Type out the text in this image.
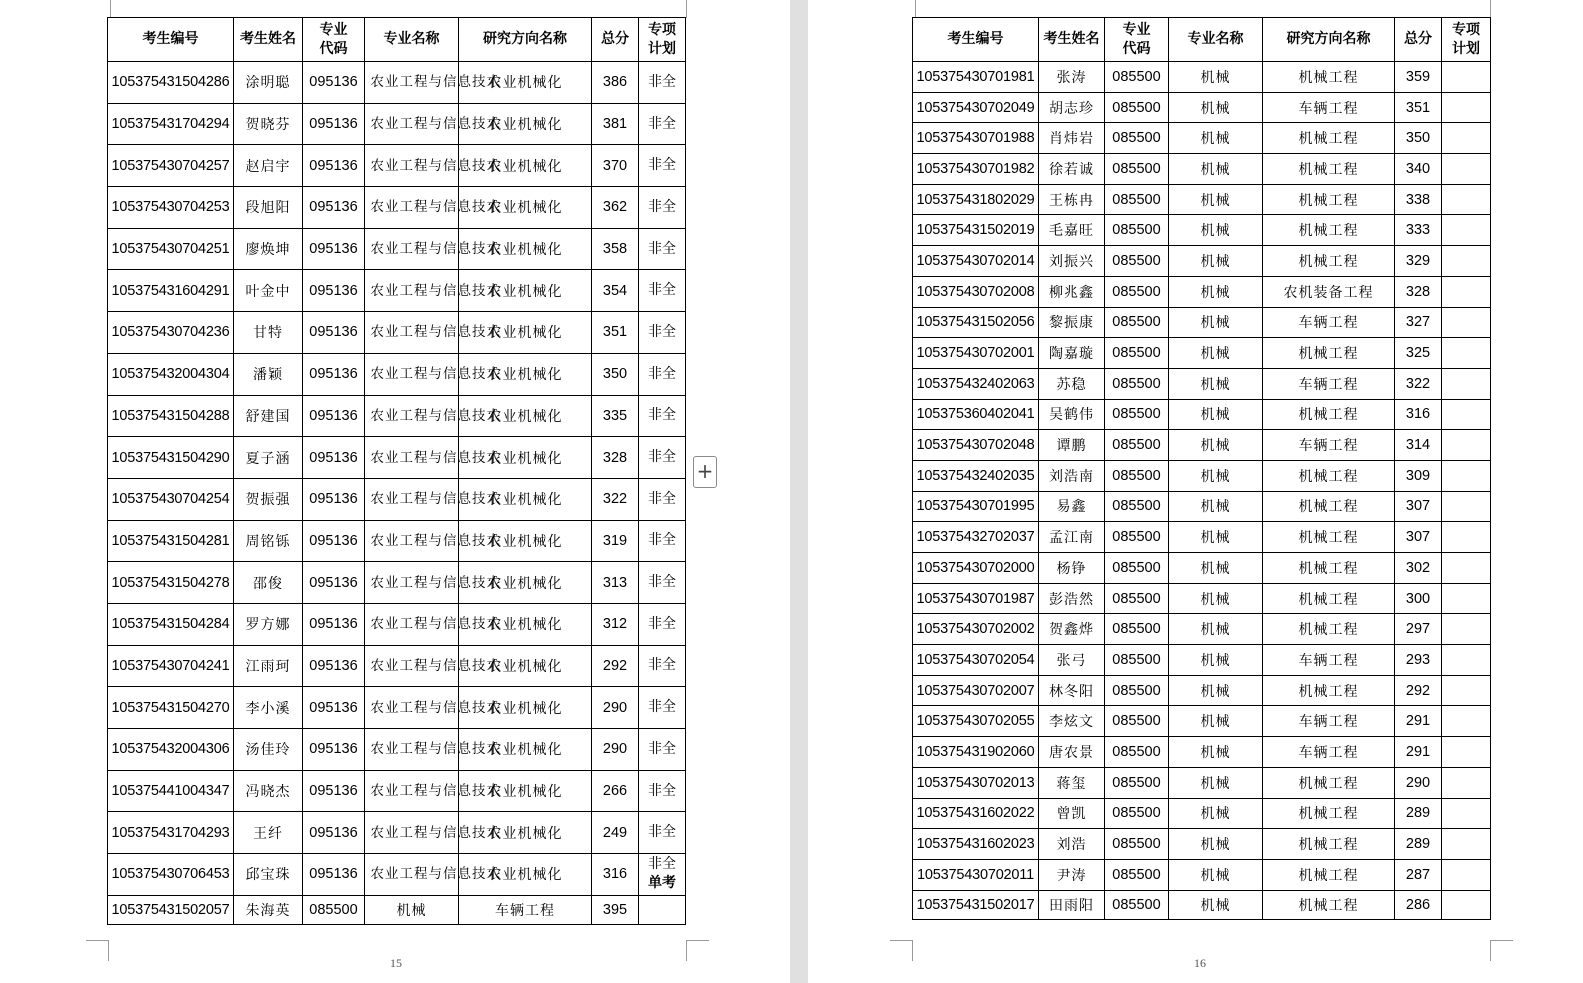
考生编号	考生姓名	专业代码	专业名称	研究方向名称	总分	专项计划

105375431504286	涂明聪	095136	农业工程与信息技术	农业机械化	386	非全

105375431704294	贺晓芬	095136	农业工程与信息技术	农业机械化	381	非全

105375430704257	赵启宇	095136	农业工程与信息技术	农业机械化	370	非全

105375430704253	段旭阳	095136	农业工程与信息技术	农业机械化	362	非全

105375430704251	廖焕坤	095136	农业工程与信息技术	农业机械化	358	非全

105375431604291	叶金中	095136	农业工程与信息技术	农业机械化	354	非全

105375430704236	甘特	095136	农业工程与信息技术	农业机械化	351	非全

105375432004304	潘颖	095136	农业工程与信息技术	农业机械化	350	非全

105375431504288	舒建国	095136	农业工程与信息技术	农业机械化	335	非全

105375431504290	夏子涵	095136	农业工程与信息技术	农业机械化	328	非全

105375430704254	贺振强	095136	农业工程与信息技术	农业机械化	322	非全

105375431504281	周铭铄	095136	农业工程与信息技术	农业机械化	319	非全

105375431504278	邵俊	095136	农业工程与信息技术	农业机械化	313	非全

105375431504284	罗方娜	095136	农业工程与信息技术	农业机械化	312	非全

105375430704241	江雨珂	095136	农业工程与信息技术	农业机械化	292	非全

105375431504270	李小溪	095136	农业工程与信息技术	农业机械化	290	非全

105375432004306	汤佳玲	095136	农业工程与信息技术	农业机械化	290	非全

105375441004347	冯晓杰	095136	农业工程与信息技术	农业机械化	266	非全

105375431704293	王纤	095136	农业工程与信息技术	农业机械化	249	非全

105375430706453	邱宝珠	095136	农业工程与信息技术	农业机械化	316	非全
单考

105375431502057	朱海英	085500	机械	车辆工程	395	
15
+
考生编号	考生姓名	专业代码	专业名称	研究方向名称	总分	专项计划

105375430701981	张涛	085500	机械	机械工程	359	

105375430702049	胡志珍	085500	机械	车辆工程	351	

105375430701988	肖炜岩	085500	机械	机械工程	350	

105375430701982	徐若诚	085500	机械	机械工程	340	

105375431802029	王栋冉	085500	机械	机械工程	338	

105375431502019	毛嘉旺	085500	机械	机械工程	333	

105375430702014	刘振兴	085500	机械	机械工程	329	

105375430702008	柳兆鑫	085500	机械	农机装备工程	328	

105375431502056	黎振康	085500	机械	车辆工程	327	

105375430702001	陶嘉璇	085500	机械	机械工程	325	

105375432402063	苏稳	085500	机械	车辆工程	322	

105375360402041	吴鹤伟	085500	机械	机械工程	316	

105375430702048	谭鹏	085500	机械	车辆工程	314	

105375432402035	刘浩南	085500	机械	机械工程	309	

105375430701995	易鑫	085500	机械	机械工程	307	

105375432702037	孟江南	085500	机械	机械工程	307	

105375430702000	杨铮	085500	机械	机械工程	302	

105375430701987	彭浩然	085500	机械	机械工程	300	

105375430702002	贺鑫烨	085500	机械	机械工程	297	

105375430702054	张弓	085500	机械	车辆工程	293	

105375430702007	林冬阳	085500	机械	机械工程	292	

105375430702055	李炫文	085500	机械	车辆工程	291	

105375431902060	唐农景	085500	机械	车辆工程	291	

105375430702013	蒋玺	085500	机械	机械工程	290	

105375431602022	曾凯	085500	机械	机械工程	289	

105375431602023	刘浩	085500	机械	机械工程	289	

105375430702011	尹涛	085500	机械	机械工程	287	

105375431502017	田雨阳	085500	机械	机械工程	286	
16
